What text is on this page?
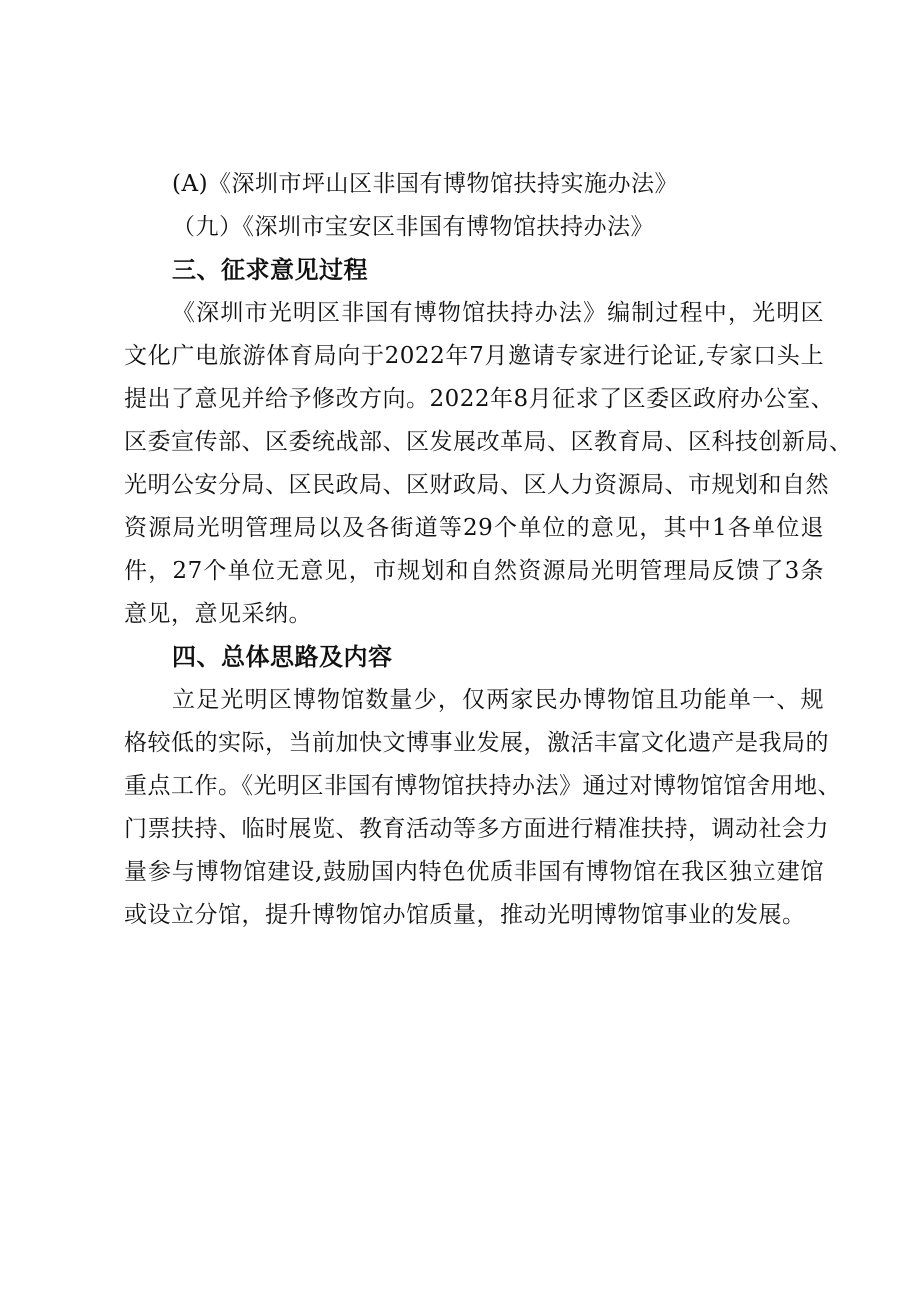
(A)《深圳市坪山区非国有博物馆扶持实施办法》
（九）《深圳市宝安区非国有博物馆扶持办法》
三、征求意见过程
《深圳市光明区非国有博物馆扶持办法》编制过程中，光明区
文化广电旅游体育局向于2022年7月邀请专家进行论证,专家口头上
提出了意见并给予修改方向。2022年8月征求了区委区政府办公室、
区委宣传部、区委统战部、区发展改革局、区教育局、区科技创新局、
光明公安分局、区民政局、区财政局、区人力资源局、市规划和自然
资源局光明管理局以及各街道等29个单位的意见，其中1各单位退
件，27个单位无意见，市规划和自然资源局光明管理局反馈了3条
意见，意见采纳。
四、总体思路及内容
立足光明区博物馆数量少，仅两家民办博物馆且功能单一、规
格较低的实际，当前加快文博事业发展，激活丰富文化遗产是我局的
重点工作。《光明区非国有博物馆扶持办法》通过对博物馆馆舍用地、
门票扶持、临时展览、教育活动等多方面进行精准扶持，调动社会力
量参与博物馆建设,鼓励国内特色优质非国有博物馆在我区独立建馆
或设立分馆，提升博物馆办馆质量，推动光明博物馆事业的发展。
